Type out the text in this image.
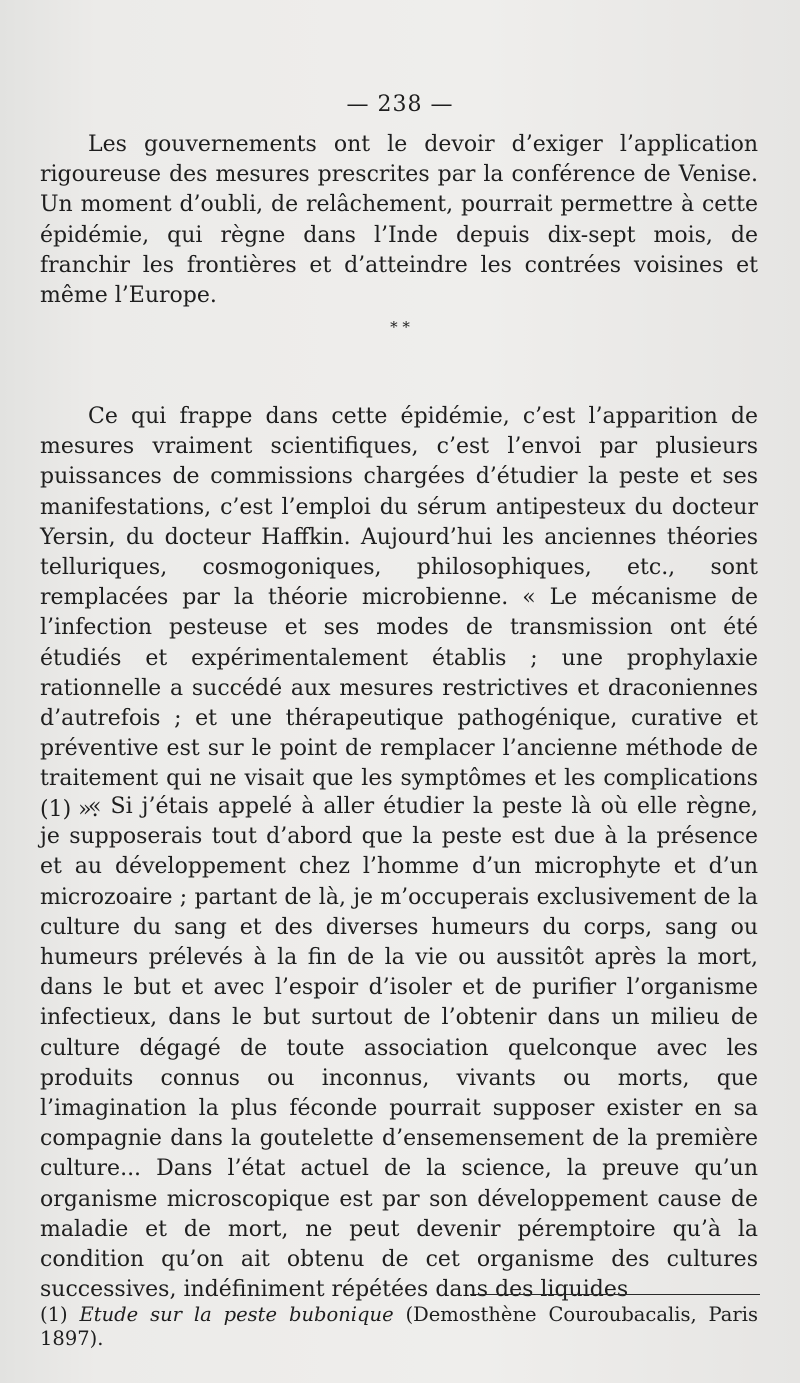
— 238 —

Les gouvernements ont le devoir d’exiger l’application rigoureuse des mesures prescrites par la conférence de Venise. Un moment d’oubli, de relâchement, pourrait permettre à cette épidémie, qui règne dans l’Inde depuis dix-sept mois, de franchir les frontières et d’atteindre les contrées voisines et même l’Europe.

* *

Ce qui frappe dans cette épidémie, c’est l’apparition de mesures vraiment scientifiques, c’est l’envoi par plusieurs puissances de commissions chargées d’étudier la peste et ses manifestations, c’est l’emploi du sérum antipesteux du docteur Yersin, du docteur Haffkin. Aujourd’hui les anciennes théories telluriques, cosmogoniques, philosophiques, etc., sont remplacées par la théorie microbienne. « Le mécanisme de l’infection pesteuse et ses modes de transmission ont été étudiés et expérimentalement établis ; une prophylaxie rationnelle a succédé aux mesures restrictives et draconiennes d’autrefois ; et une thérapeutique pathogénique, curative et préventive est sur le point de remplacer l’ancienne méthode de traitement qui ne visait que les symptômes et les complications (1) ».

« Si j’étais appelé à aller étudier la peste là où elle règne, je supposerais tout d’abord que la peste est due à la présence et au développement chez l’homme d’un microphyte et d’un microzoaire ; partant de là, je m’occuperais exclusivement de la culture du sang et des diverses humeurs du corps, sang ou humeurs prélevés à la fin de la vie ou aussitôt après la mort, dans le but et avec l’espoir d’isoler et de purifier l’organisme infectieux, dans le but surtout de l’obtenir dans un milieu de culture dégagé de toute association quelconque avec les produits connus ou inconnus, vivants ou morts, que l’imagination la plus féconde pourrait supposer exister en sa compagnie dans la goutelette d’ensemensement de la première culture... Dans l’état actuel de la science, la preuve qu’un organisme microscopique est par son développement cause de maladie et de mort, ne peut devenir péremptoire qu’à la condition qu’on ait obtenu de cet organisme des cultures successives, indéfiniment répétées dans des liquides

(1) Etude sur la peste bubonique (Demosthène Couroubacalis, Paris 1897).
